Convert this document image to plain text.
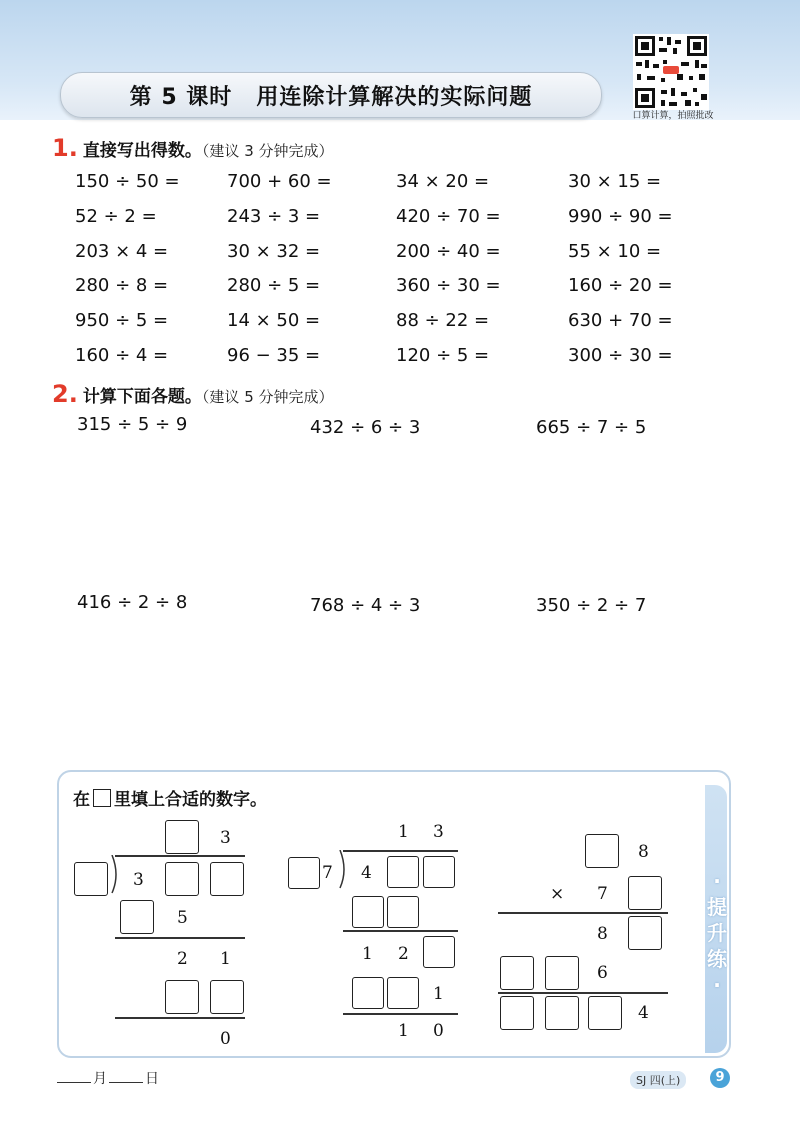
第 5 课时 用连除计算解决的实际问题
口算计算，拍照批改
1. 直接写出得数。（建议 3 分钟完成）
150 ÷ 50 =	700 + 60 =	34 × 20 =	30 × 15 =
52 ÷ 2 =	243 ÷ 3 =	420 ÷ 70 =	990 ÷ 90 =
203 × 4 =	30 × 32 =	200 ÷ 40 =	55 × 10 =
280 ÷ 8 =	280 ÷ 5 =	360 ÷ 30 =	160 ÷ 20 =
950 ÷ 5 =	14 × 50 =	88 ÷ 22 =	630 + 70 =
160 ÷ 4 =	96 − 35 =	120 ÷ 5 =	300 ÷ 30 =
2. 计算下面各题。（建议 5 分钟完成）
315 ÷ 5 ÷ 9	432 ÷ 6 ÷ 3	665 ÷ 7 ÷ 5
416 ÷ 2 ÷ 8	768 ÷ 4 ÷ 3	350 ÷ 2 ÷ 7
·提升练·
在 里填上合适的数字。
3
3
5
2 1
0
1 3
7 4
1 2
1
1 0
8
× 7
8
6
4
月	日	SJ 四(上)	9
